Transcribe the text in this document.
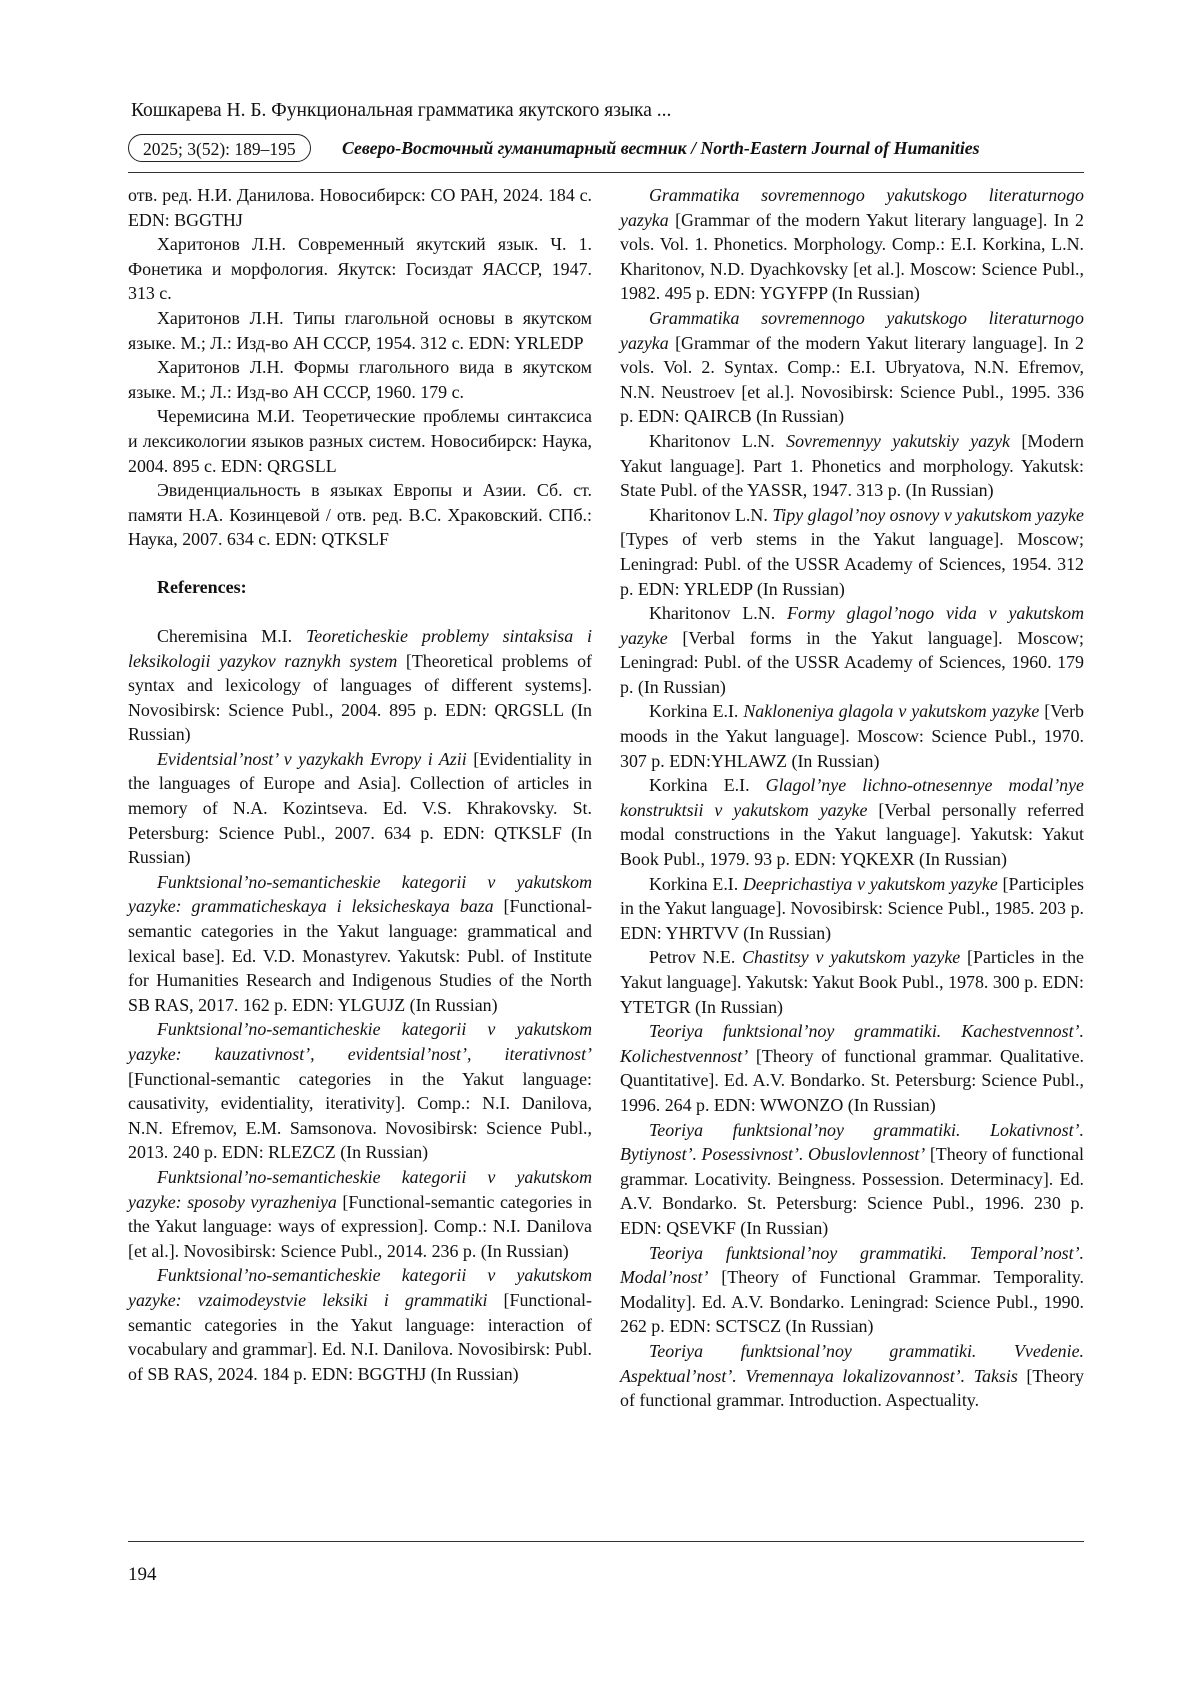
Кошкарева Н. Б. Функциональная грамматика якутского языка ...
2025; 3(52): 189–195	Северо-Восточный гуманитарный вестник / North-Eastern Journal of Humanities

отв. ред. Н.И. Данилова. Новосибирск: СО РАН, 2024. 184 с. EDN: BGGTHJ

Харитонов Л.Н. Современный якутский язык. Ч. 1. Фонетика и морфология. Якутск: Госиздат ЯАССР, 1947. 313 с.

Харитонов Л.Н. Типы глагольной основы в якутском языке. М.; Л.: Изд-во АН СССР, 1954. 312 с. EDN: YRLEDP

Харитонов Л.Н. Формы глагольного вида в якутском языке. М.; Л.: Изд-во АН СССР, 1960. 179 с.

Черемисина М.И. Теоретические проблемы синтаксиса и лексикологии языков разных систем. Новосибирск: Наука, 2004. 895 с. EDN: QRGSLL

Эвиденциальность в языках Европы и Азии. Сб. ст. памяти Н.А. Козинцевой / отв. ред. В.С. Храковский. СПб.: Наука, 2007. 634 с. EDN: QTKSLF

References:

Cheremisina M.I. Teoreticheskie problemy sintaksisa i leksikologii yazykov raznykh system [Theoretical problems of syntax and lexicology of languages of different systems]. Novosibirsk: Science Publ., 2004. 895 p. EDN: QRGSLL (In Russian)

Evidentsial’nost’ v yazykakh Evropy i Azii [Evidentiality in the languages of Europe and Asia]. Collection of articles in memory of N.A. Kozintseva. Ed. V.S. Khrakovsky. St. Petersburg: Science Publ., 2007. 634 p. EDN: QTKSLF (In Russian)

Funktsional’no-semanticheskie kategorii v yakutskom yazyke: grammaticheskaya i leksicheskaya baza [Functional-semantic categories in the Yakut language: grammatical and lexical base]. Ed. V.D. Monastyrev. Yakutsk: Publ. of Institute for Humanities Research and Indigenous Studies of the North SB RAS, 2017. 162 p. EDN: YLGUJZ (In Russian)

Funktsional’no-semanticheskie kategorii v yakutskom yazyke: kauzativnost’, evidentsial’nost’, iterativnost’ [Functional-semantic categories in the Yakut language: causativity, evidentiality, iterativity]. Comp.: N.I. Danilova, N.N. Efremov, E.M. Samsonova. Novosibirsk: Science Publ., 2013. 240 p. EDN: RLEZCZ (In Russian)

Funktsional’no-semanticheskie kategorii v yakutskom yazyke: sposoby vyrazheniya [Functional-semantic categories in the Yakut language: ways of expression]. Comp.: N.I. Danilova [et al.]. Novosibirsk: Science Publ., 2014. 236 p. (In Russian)

Funktsional’no-semanticheskie kategorii v yakutskom yazyke: vzaimodeystvie leksiki i grammatiki [Functional-semantic categories in the Yakut language: interaction of vocabulary and grammar]. Ed. N.I. Danilova. Novosibirsk: Publ. of SB RAS, 2024. 184 p. EDN: BGGTHJ (In Russian)

Grammatika sovremennogo yakutskogo literaturnogo yazyka [Grammar of the modern Yakut literary language]. In 2 vols. Vol. 1. Phonetics. Morphology. Comp.: E.I. Korkina, L.N. Kharitonov, N.D. Dyachkovsky [et al.]. Moscow: Science Publ., 1982. 495 p. EDN: YGYFPP (In Russian)

Grammatika sovremennogo yakutskogo literaturnogo yazyka [Grammar of the modern Yakut literary language]. In 2 vols. Vol. 2. Syntax. Comp.: E.I. Ubryatova, N.N. Efremov, N.N. Neustroev [et al.]. Novosibirsk: Science Publ., 1995. 336 p. EDN: QAIRCB (In Russian)

Kharitonov L.N. Sovremennyy yakutskiy yazyk [Modern Yakut language]. Part 1. Phonetics and morphology. Yakutsk: State Publ. of the YASSR, 1947. 313 p. (In Russian)

Kharitonov L.N. Tipy glagol’noy osnovy v yakutskom yazyke [Types of verb stems in the Yakut language]. Moscow; Leningrad: Publ. of the USSR Academy of Sciences, 1954. 312 p. EDN: YRLEDP (In Russian)

Kharitonov L.N. Formy glagol’nogo vida v yakutskom yazyke [Verbal forms in the Yakut language]. Moscow; Leningrad: Publ. of the USSR Academy of Sciences, 1960. 179 p. (In Russian)

Korkina E.I. Nakloneniya glagola v yakutskom yazyke [Verb moods in the Yakut language]. Moscow: Science Publ., 1970. 307 p. EDN:YHLAWZ (In Russian)

Korkina E.I. Glagol’nye lichno-otnesennye modal’nye konstruktsii v yakutskom yazyke [Verbal personally referred modal constructions in the Yakut language]. Yakutsk: Yakut Book Publ., 1979. 93 p. EDN: YQKEXR (In Russian)

Korkina E.I. Deeprichastiya v yakutskom yazyke [Participles in the Yakut language]. Novosibirsk: Science Publ., 1985. 203 p. EDN: YHRTVV (In Russian)

Petrov N.E. Chastitsy v yakutskom yazyke [Particles in the Yakut language]. Yakutsk: Yakut Book Publ., 1978. 300 p. EDN: YTETGR (In Russian)

Teoriya funktsional’noy grammatiki. Kachestvennost’. Kolichestvennost’ [Theory of functional grammar. Qualitative. Quantitative]. Ed. A.V. Bondarko. St. Petersburg: Science Publ., 1996. 264 p. EDN: WWONZO (In Russian)

Teoriya funktsional’noy grammatiki. Lokativnost’. Bytiynost’. Posessivnost’. Obuslovlennost’ [Theory of functional grammar. Locativity. Beingness. Possession. Determinacy]. Ed. A.V. Bondarko. St. Petersburg: Science Publ., 1996. 230 p. EDN: QSEVKF (In Russian)

Teoriya funktsional’noy grammatiki. Temporal’nost’. Modal’nost’ [Theory of Functional Grammar. Temporality. Modality]. Ed. A.V. Bondarko. Leningrad: Science Publ., 1990. 262 p. EDN: SCTSCZ (In Russian)

Teoriya funktsional’noy grammatiki. Vvedenie. Aspektual’nost’. Vremennaya lokalizovannost’. Taksis [Theory of functional grammar. Introduction. Aspectuality.

194
